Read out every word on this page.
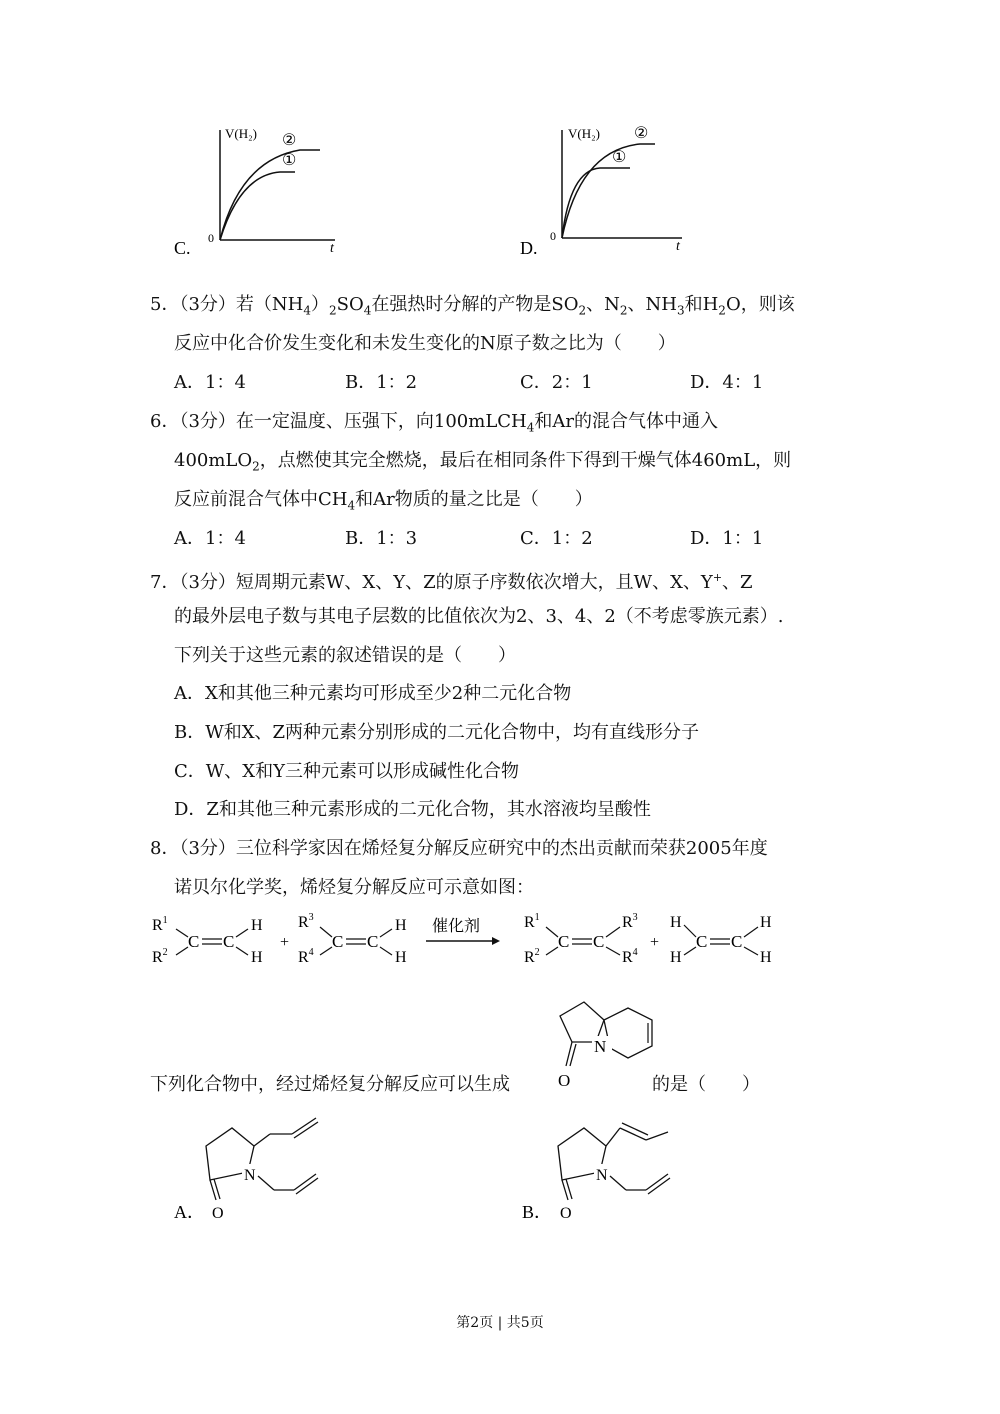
V(H₂) ②
①
0
t
C.
V(H₂) ②
①
0
t
D.
5．（3分）若$(NH_4)_2SO_4$在强热时分解的产物是$SO_2$、$N_2$、$NH_3$和$H_2O$，则该
反应中化合价发生变化和未发生变化的N原子数之比为（　　）
A．1：4	B．1：2	C．2：1	D．4：1
6．（3分）在一定温度、压强下，向100mLCH$_4$和Ar的混合气体中通入
400mLO$_2$，点燃使其完全燃烧，最后在相同条件下得到干燥气体460mL，则
反应前混合气体中$CH_4$和Ar物质的量之比是（　　）
A．1：4	B．1：3	C．1：2	D．1：1
7．（3分）短周期元素W、X、Y、Z的原子序数依次增大，且W、X、Y+、Z
的最外层电子数与其电子层数的比值依次为2、3、4、2（不考虑零族元素）.
下列关于这些元素的叙述错误的是（　　）
A．X和其他三种元素均可形成至少2种二元化合物
B．W和X、Z两种元素分别形成的二元化合物中，均有直线形分子
C．W、X和Y三种元素可以形成碱性化合物
D．Z和其他三种元素形成的二元化合物，其水溶液均呈酸性
8．（3分）三位科学家因在烯烃复分解反应研究中的杰出贡献而荣获2005年度
诺贝尔化学奖，烯烃复分解反应可示意如图：
$R^1$
$R^2$
C C
H
H
+
$R^3$
$R^4$
C C
H
H
催化剂	$R^1$
$R^2$
C C
$R^3$
$R^4$
+
H
H
C C
H
H
下列化合物中，经过烯烃复分解反应可以生成
N
O	的是（　　）
A．
N
O	B．
N
O
第2页 | 共5页
